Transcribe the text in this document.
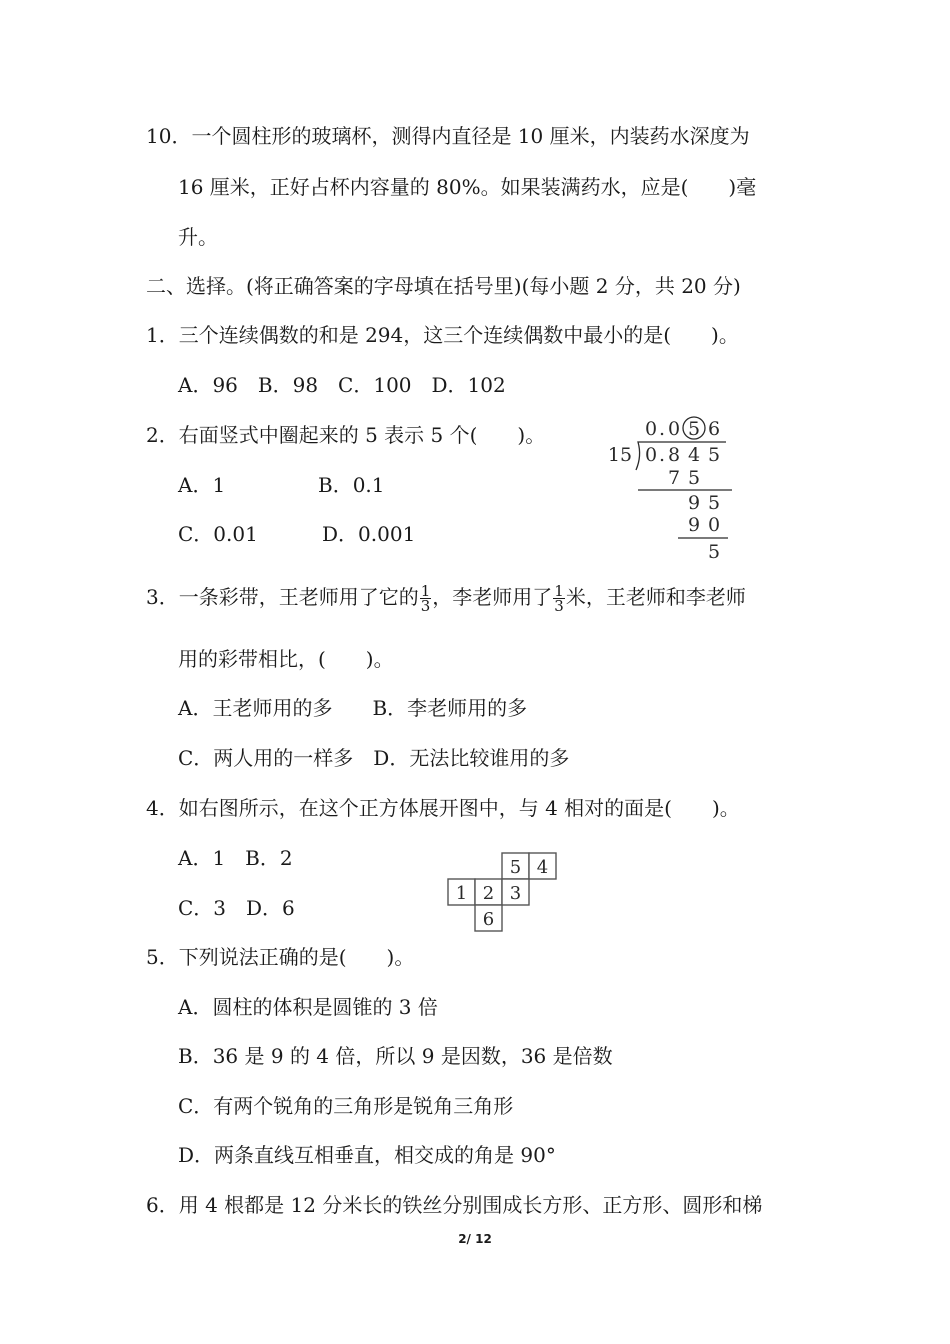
10．一个圆柱形的玻璃杯，测得内直径是 10 厘米，内装药水深度为
16 厘米，正好占杯内容量的 80%。如果装满药水，应是(　　)毫
升。
二、选择。(将正确答案的字母填在括号里)(每小题 2 分，共 20 分)
1．三个连续偶数的和是 294，这三个连续偶数中最小的是(　　)。
A．96　B．98　C．100　D．102
2．右面竖式中圈起来的 5 表示 5 个(　　)。
A．1	B．0.1
C．0.01	D．0.001
0 . 0 5 6
15 0 . 8 4 5
7 5
9 5
9 0
5
3．一条彩带，王老师用了它的 $\frac{1}{3}$ ，李老师用了 $\frac{1}{3}$ 米，王老师和李老师
用的彩带相比，(　　)。
A．王老师用的多　　B．李老师用的多
C．两人用的一样多　D．无法比较谁用的多
4．如右图所示，在这个正方体展开图中，与 4 相对的面是(　　)。
A．1　B．2
C．3　D．6
5 4
1 2 3
6
5．下列说法正确的是(　　)。
A．圆柱的体积是圆锥的 3 倍
B．36 是 9 的 4 倍，所以 9 是因数，36 是倍数
C．有两个锐角的三角形是锐角三角形
D．两条直线互相垂直，相交成的角是 90°
6．用 4 根都是 12 分米长的铁丝分别围成长方形、正方形、圆形和梯
2/ 12
